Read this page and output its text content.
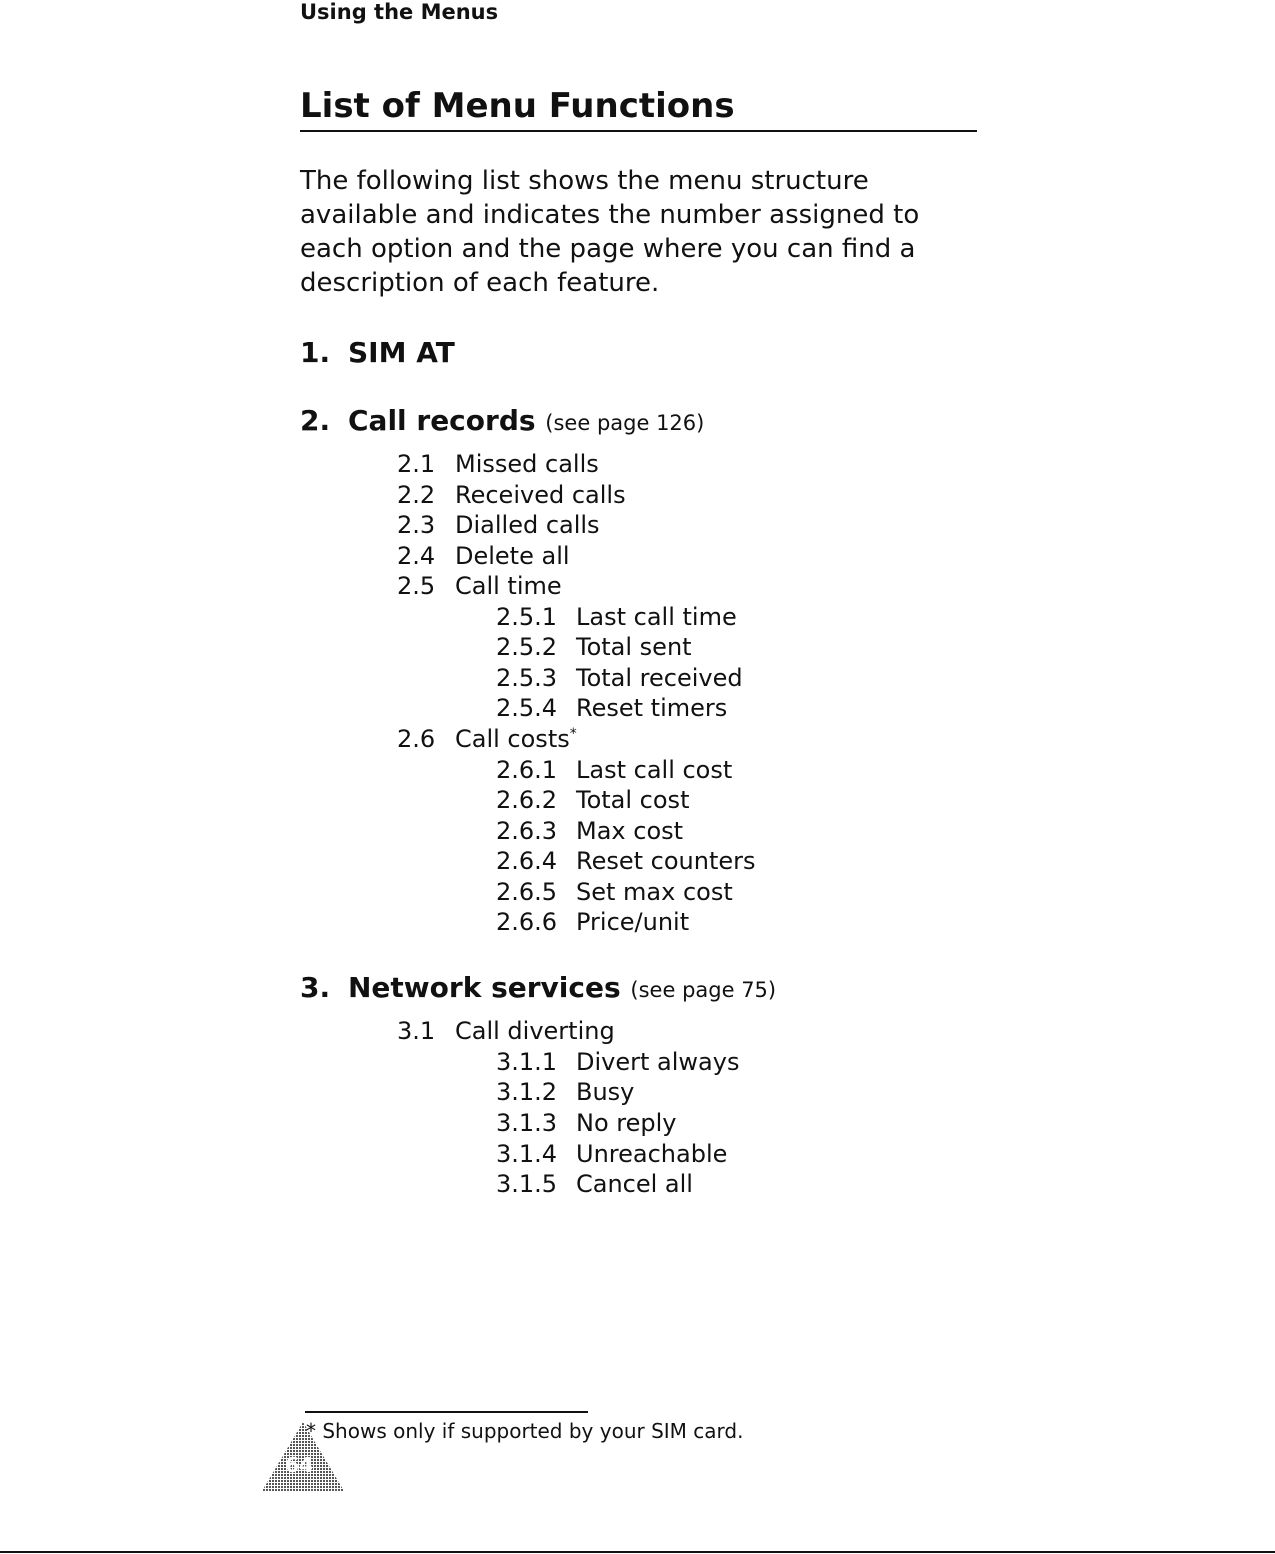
Using the Menus
List of Menu Functions

The following list shows the menu structure available and indicates the number assigned to each option and the page where you can find a description of each feature.

1. SIM AT
2. Call records (see page 126)
2.1 Missed calls
2.2 Received calls
2.3 Dialled calls
2.4 Delete all
2.5 Call time
2.5.1 Last call time
2.5.2 Total sent
2.5.3 Total received
2.5.4 Reset timers
2.6 Call costs*
2.6.1 Last call cost
2.6.2 Total cost
2.6.3 Max cost
2.6.4 Reset counters
2.6.5 Set max cost
2.6.6 Price/unit
3. Network services (see page 75)
3.1 Call diverting
3.1.1 Divert always
3.1.2 Busy
3.1.3 No reply
3.1.4 Unreachable
3.1.5 Cancel all
64
* Shows only if supported by your SIM card.
